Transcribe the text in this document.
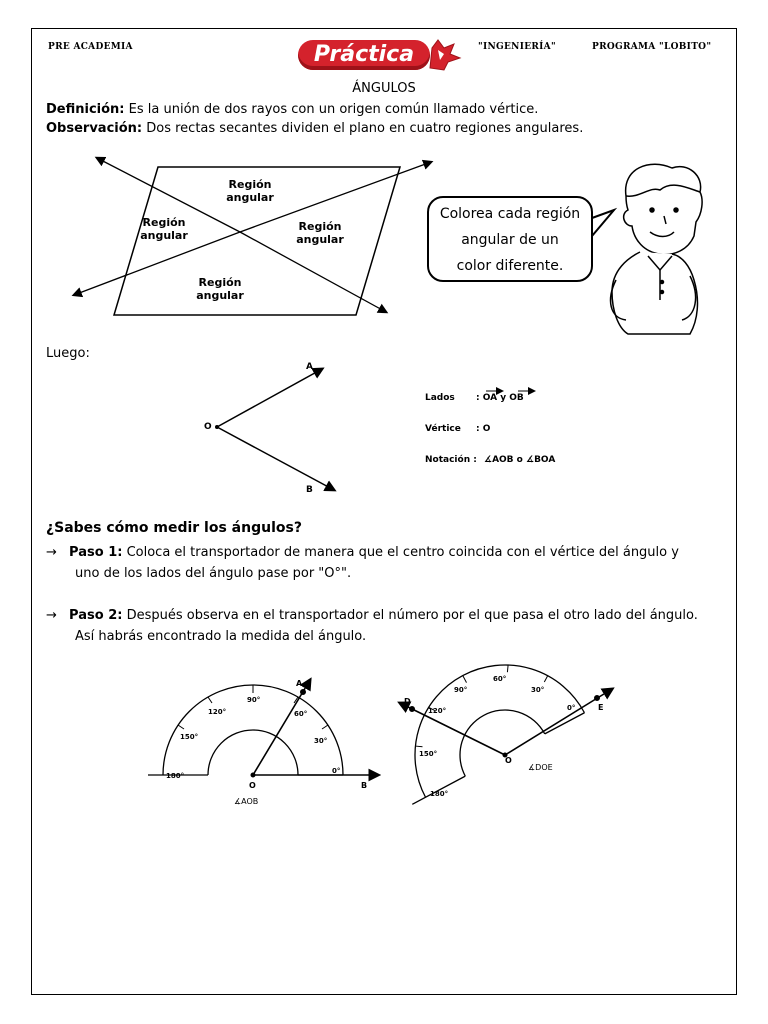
PRE ACADEMIA	Práctica	"INGENIERÍA"	PROGRAMA "LOBITO"
ÁNGULOS
Definición: Es la unión de dos rayos con un origen común llamado vértice.
Observación: Dos rectas secantes dividen el plano en cuatro regiones angulares.
Región
angular
Región
angular
Región
angular
Región
angular
Colorea cada región
angular de un
color diferente.
Luego:
A
B
O
Lados : OA y OB
Vértice : O
Notación : ∡AOB o ∡BOA
¿Sabes cómo medir los ángulos?
→ Paso 1: Coloca el transportador de manera que el centro coincida con el vértice del ángulo y
uno de los lados del ángulo pase por "O°".
→ Paso 2: Después observa en el transportador el número por el que pasa el otro lado del ángulo.
Así habrás encontrado la medida del ángulo.
180°
150°
120°
90°
60°
30°
0°
O
A
B
∡AOB
180°
150°
120°
90°
60°
30°
0°
O
D
E
∡DOE
